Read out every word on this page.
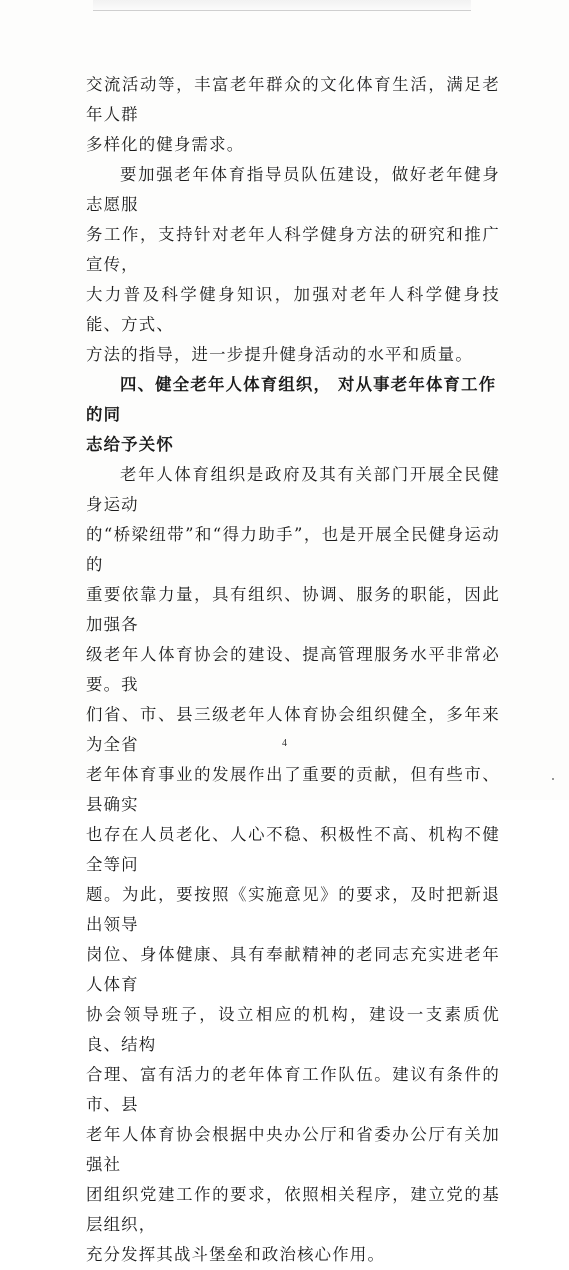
交流活动等，丰富老年群众的文化体育生活，满足老年人群
多样化的健身需求。
要加强老年体育指导员队伍建设，做好老年健身志愿服
务工作，支持针对老年人科学健身方法的研究和推广宣传，
大力普及科学健身知识，加强对老年人科学健身技能、方式、
方法的指导，进一步提升健身活动的水平和质量。
四、健全老年人体育组织， 对从事老年体育工作的同
志给予关怀
老年人体育组织是政府及其有关部门开展全民健身运动
的“桥梁纽带”和“得力助手”，也是开展全民健身运动的
重要依靠力量，具有组织、协调、服务的职能，因此加强各
级老年人体育协会的建设、提高管理服务水平非常必要。我
们省、市、县三级老年人体育协会组织健全，多年来为全省
老年体育事业的发展作出了重要的贡献，但有些市、县确实
也存在人员老化、人心不稳、积极性不高、机构不健全等问
题。为此，要按照《实施意见》的要求，及时把新退出领导
岗位、身体健康、具有奉献精神的老同志充实进老年人体育
协会领导班子，设立相应的机构，建设一支素质优良、结构
合理、富有活力的老年体育工作队伍。建议有条件的市、县
老年人体育协会根据中央办公厅和省委办公厅有关加强社
团组织党建工作的要求，依照相关程序，建立党的基层组织，
充分发挥其战斗堡垒和政治核心作用。
4
